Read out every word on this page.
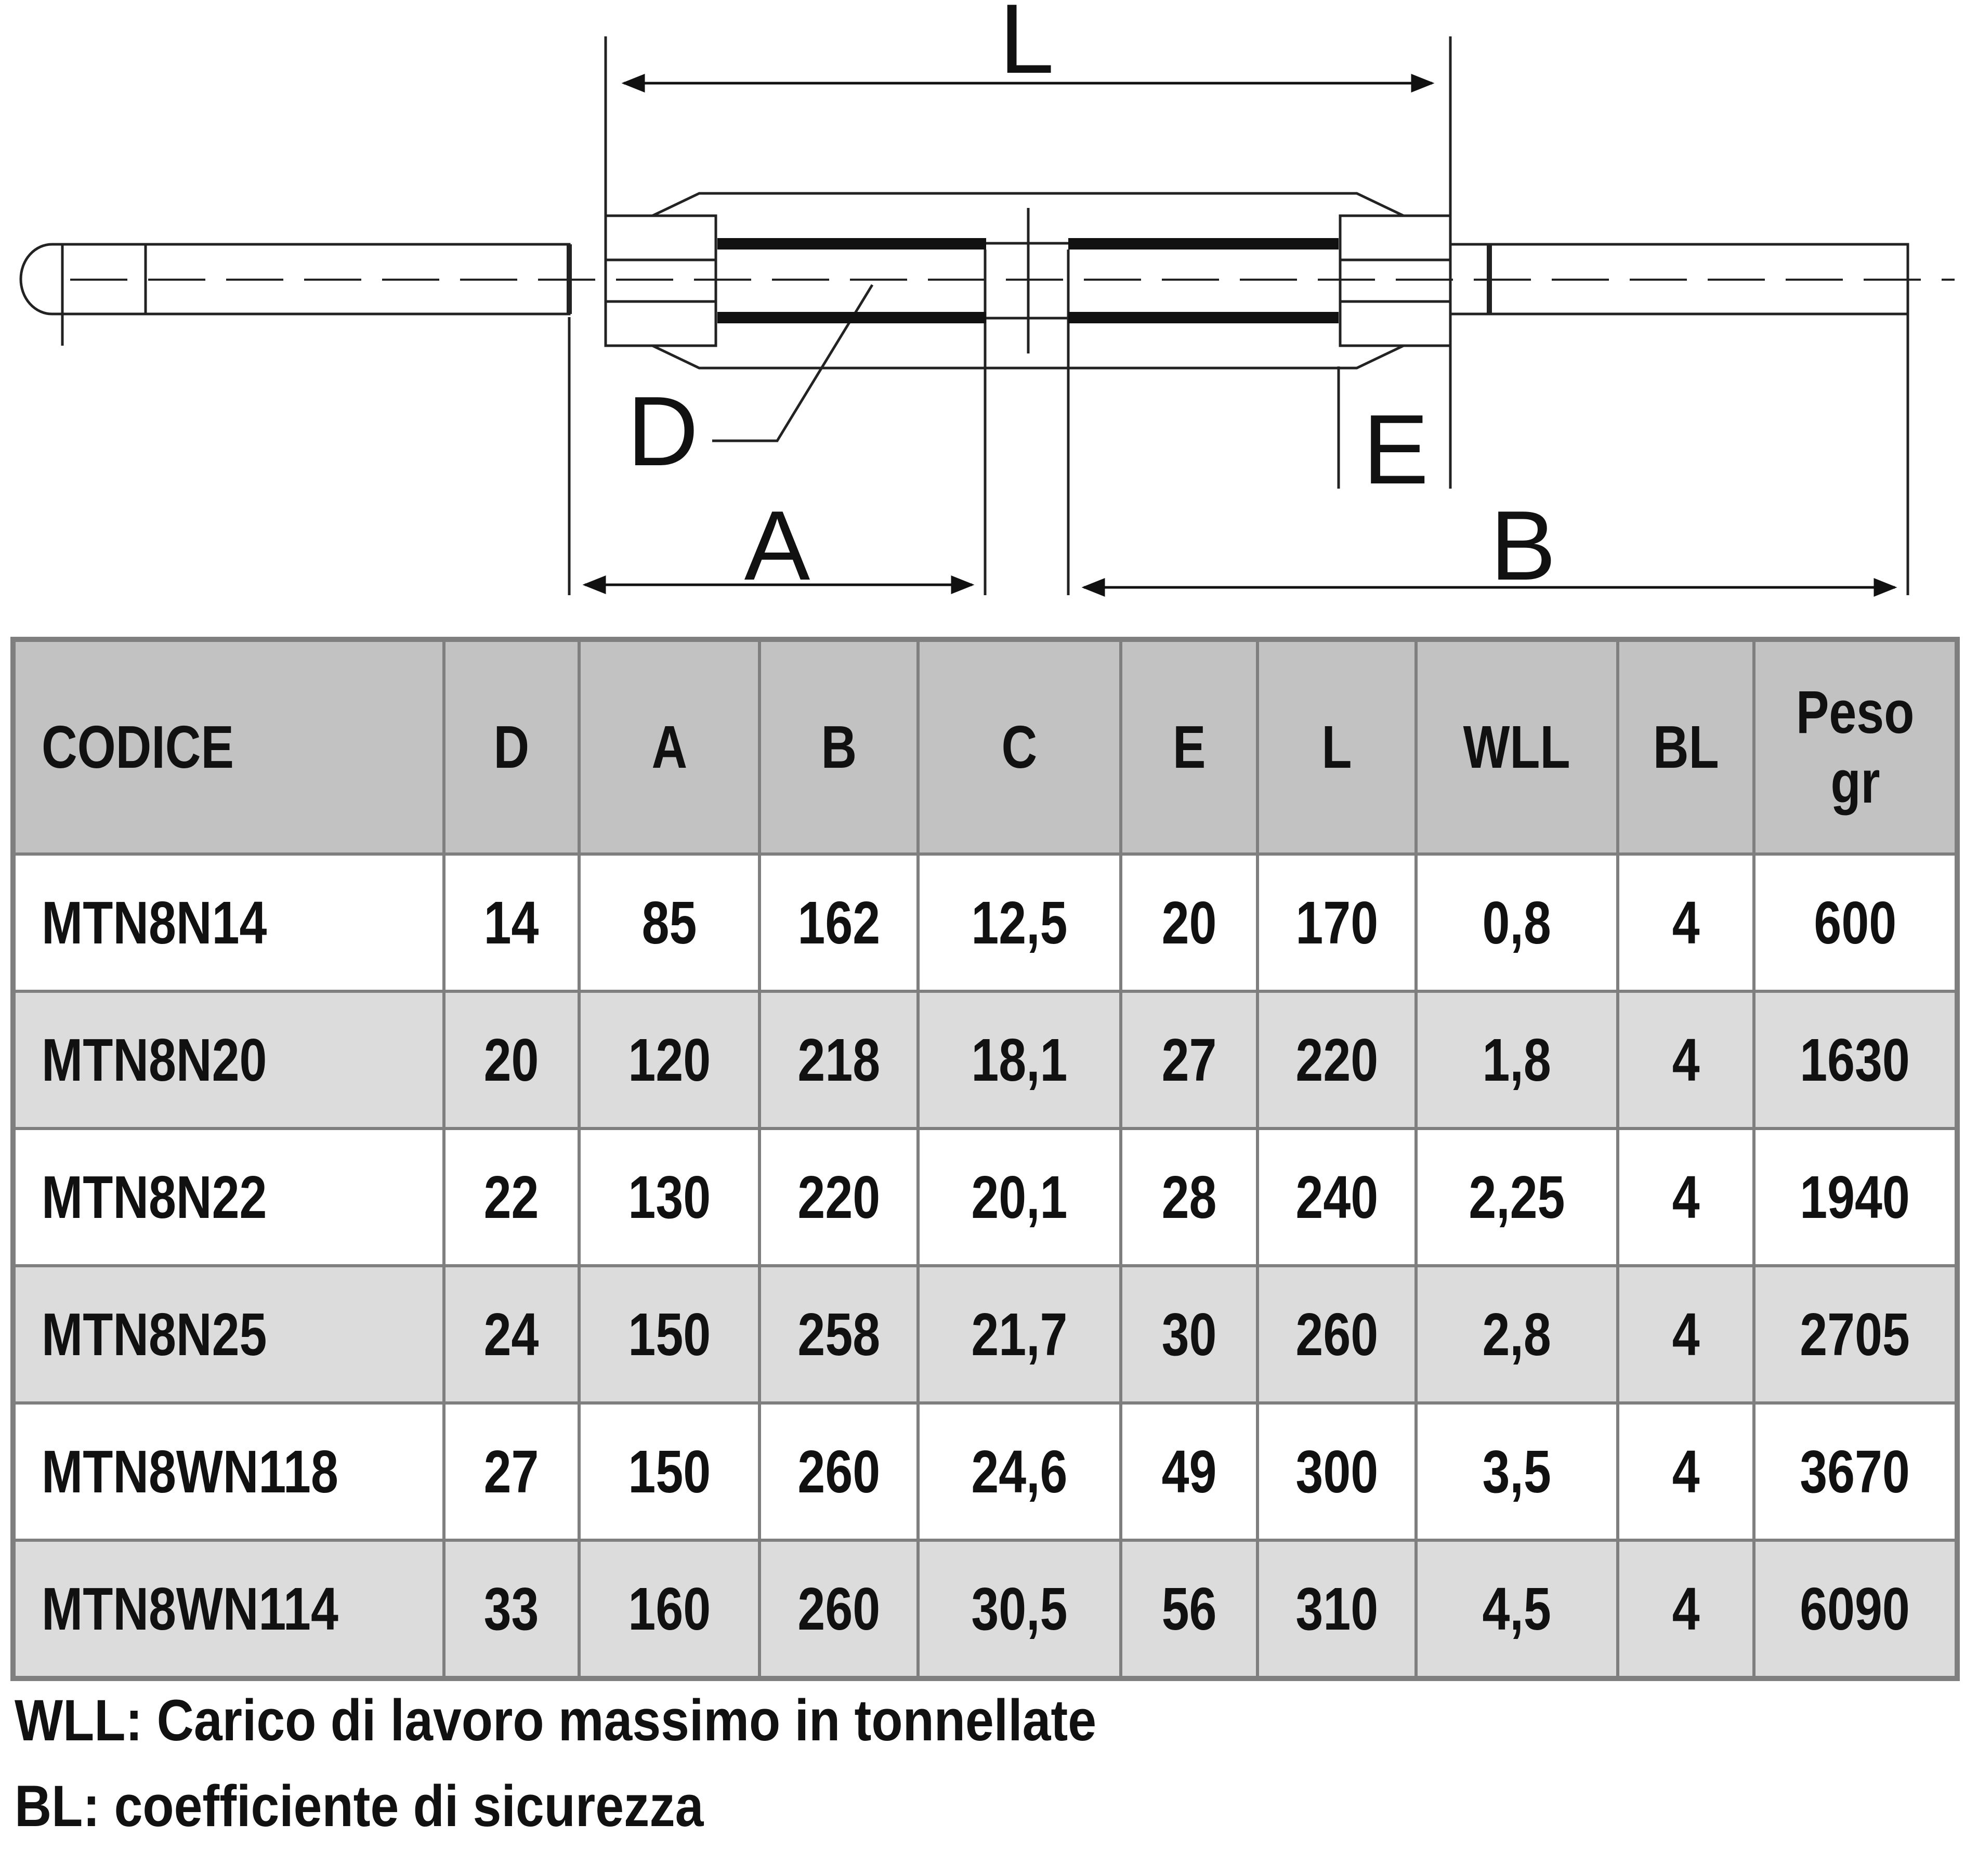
L
D	E
A	B
CODICE	D	A	B	C	E	L	WLL	BL	Peso
gr
MTN8N14	14	85	162	12,5	20	170	0,8	4	600
MTN8N20	20	120	218	18,1	27	220	1,8	4	1630
MTN8N22	22	130	220	20,1	28	240	2,25	4	1940
MTN8N25	24	150	258	21,7	30	260	2,8	4	2705
MTN8WN118	27	150	260	24,6	49	300	3,5	4	3670
MTN8WN114	33	160	260	30,5	56	310	4,5	4	6090
WLL: Carico di lavoro massimo in tonnellate
BL: coefficiente di sicurezza
